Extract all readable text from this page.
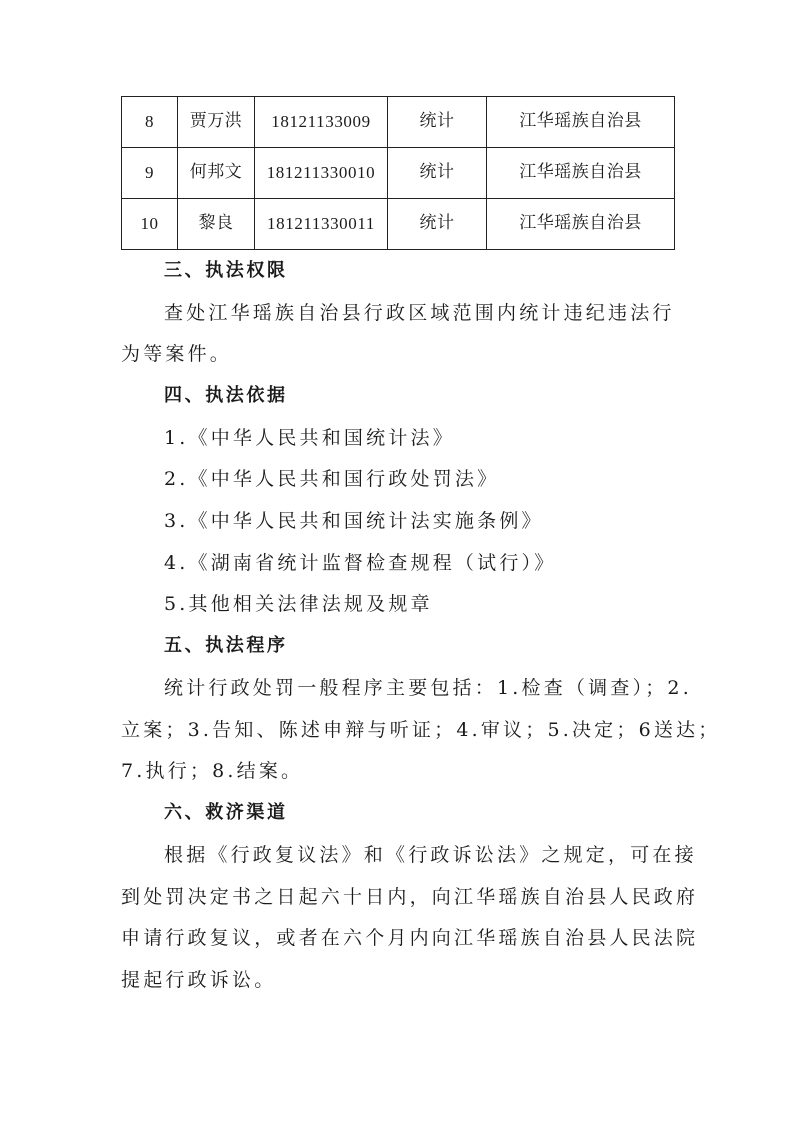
8	贾万洪	18121133009	统计	江华瑶族自治县
9	何邦文	181211330010	统计	江华瑶族自治县
10	黎良	181211330011	统计	江华瑶族自治县
三、执法权限
查处江华瑶族自治县行政区域范围内统计违纪违法行
为等案件。
四、执法依据
1.《中华人民共和国统计法》
2.《中华人民共和国行政处罚法》
3.《中华人民共和国统计法实施条例》
4.《湖南省统计监督检查规程（试行）》
5.其他相关法律法规及规章
五、执法程序
统计行政处罚一般程序主要包括：1.检查（调查）；2.
立案；3.告知、陈述申辩与听证；4.审议；5.决定；6送达；
7.执行；8.结案。
六、救济渠道
根据《行政复议法》和《行政诉讼法》之规定，可在接
到处罚决定书之日起六十日内，向江华瑶族自治县人民政府
申请行政复议，或者在六个月内向江华瑶族自治县人民法院
提起行政诉讼。
